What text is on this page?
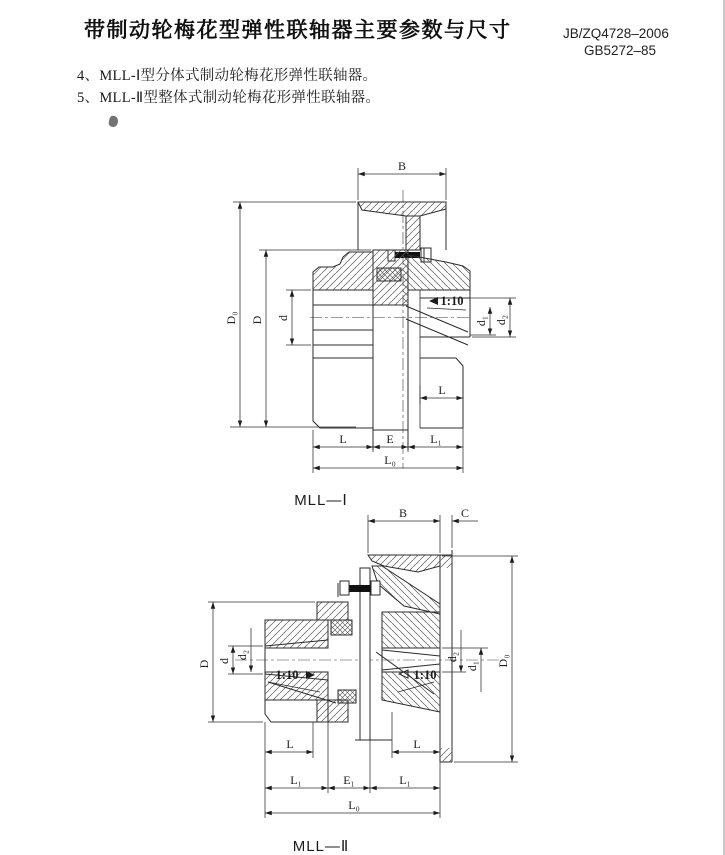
带制动轮梅花型弹性联轴器主要参数与尺寸	JB/ZQ4728–2006
GB5272–85
4、MLL-Ⅰ型分体式制动轮梅花形弹性联轴器。
5、MLL-Ⅱ型整体式制动轮梅花形弹性联轴器。
B
D₀ D d
1:10
d₁ d₂
L
L	E	L₁
L₀
MLL—Ⅰ
B	C
D₀
D d
d₂
1:10	1:10
d₂
d₁
L	L
L₁	E₁	L₁
L₀
MLL—Ⅱ
